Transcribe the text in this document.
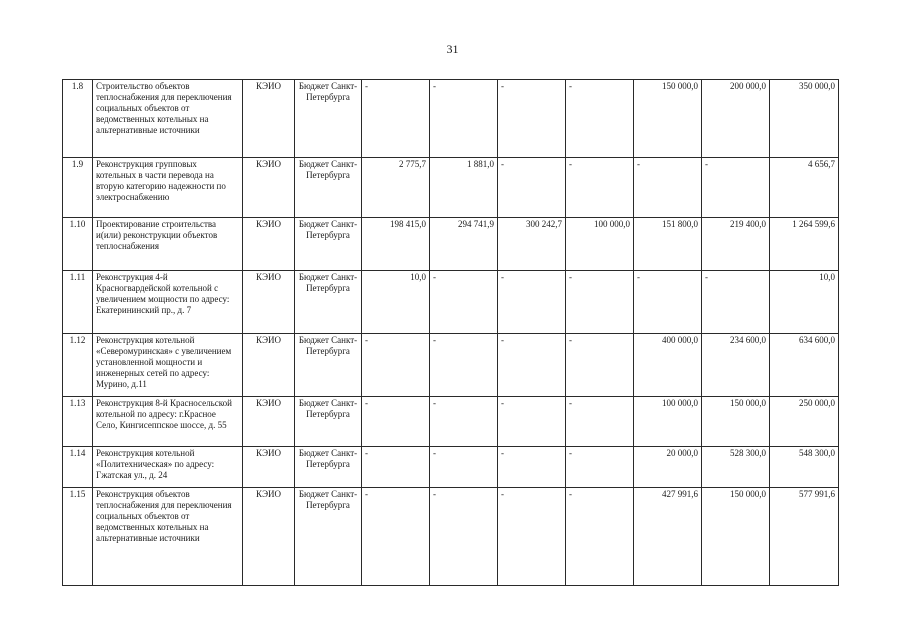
31
1.8	Строительство объектов теплоснабжения для переключения социальных объектов от ведомственных котельных на альтернативные источники	КЭИО	Бюджет Санкт-Петербурга	-	-	-	-	150 000,0	200 000,0	350 000,0
1.9	Реконструкция групповых котельных в части перевода на вторую категорию надежности по электроснабжению	КЭИО	Бюджет Санкт-Петербурга	2 775,7	1 881,0	-	-	-	-	4 656,7
1.10	Проектирование строительства и(или) реконструкции объектов теплоснабжения	КЭИО	Бюджет Санкт-Петербурга	198 415,0	294 741,9	300 242,7	100 000,0	151 800,0	219 400,0	1 264 599,6
1.11	Реконструкция 4-й Красногвардейской котельной с увеличением мощности по адресу: Екатерининский пр., д. 7	КЭИО	Бюджет Санкт-Петербурга	10,0	-	-	-	-	-	10,0
1.12	Реконструкция котельной «Северомуринская» с увеличением установленной мощности и инженерных сетей по адресу: Мурино, д.11	КЭИО	Бюджет Санкт-Петербурга	-	-	-	-	400 000,0	234 600,0	634 600,0
1.13	Реконструкция 8-й Красносельской котельной по адресу: г.Красное Село, Кингисеппское шоссе, д. 55	КЭИО	Бюджет Санкт-Петербурга	-	-	-	-	100 000,0	150 000,0	250 000,0
1.14	Реконструкция котельной «Политехническая» по адресу: Гжатская ул., д. 24	КЭИО	Бюджет Санкт-Петербурга	-	-	-	-	20 000,0	528 300,0	548 300,0
1.15	Реконструкция объектов теплоснабжения для переключения социальных объектов от ведомственных котельных на альтернативные источники	КЭИО	Бюджет Санкт-Петербурга	-	-	-	-	427 991,6	150 000,0	577 991,6
